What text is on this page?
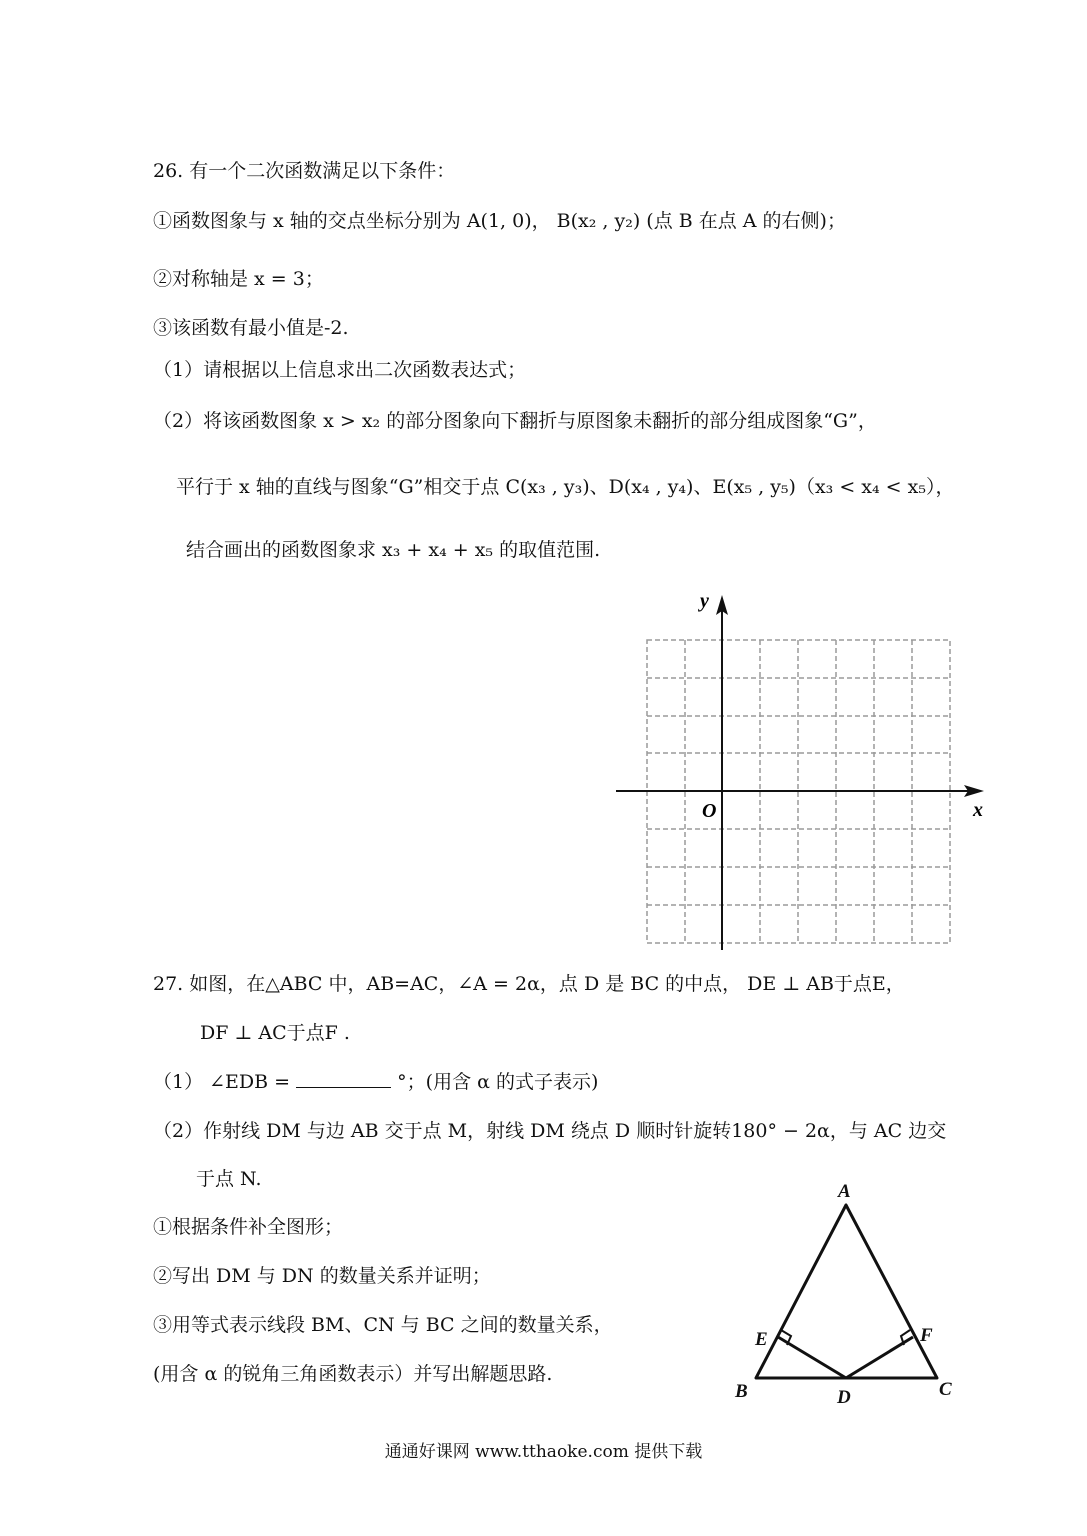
26. 有一个二次函数满足以下条件：
①函数图象与 x 轴的交点坐标分别为 A(1, 0)， B(x₂ , y₂) (点 B 在点 A 的右侧)；
②对称轴是 x = 3；
③该函数有最小值是-2.
（1）请根据以上信息求出二次函数表达式；
（2）将该函数图象 x > x₂ 的部分图象向下翻折与原图象未翻折的部分组成图象“G”，
平行于 x 轴的直线与图象“G”相交于点 C(x₃ , y₃)、D(x₄ , y₄)、E(x₅ , y₅)（x₃ < x₄ < x₅），
结合画出的函数图象求 x₃ + x₄ + x₅ 的取值范围.
y
x
O
27. 如图，在△ABC 中，AB=AC，∠A = 2α，点 D 是 BC 的中点， DE ⊥ AB于点E，
DF ⊥ AC于点F .
（1） ∠EDB =	°；(用含 α 的式子表示)
（2）作射线 DM 与边 AB 交于点 M，射线 DM 绕点 D 顺时针旋转180° − 2α，与 AC 边交
于点 N.
①根据条件补全图形；
②写出 DM 与 DN 的数量关系并证明；
③用等式表示线段 BM、CN 与 BC 之间的数量关系，
(用含 α 的锐角三角函数表示）并写出解题思路.
A
B	C
D
E	F
通通好课网 www.tthaoke.com 提供下载
